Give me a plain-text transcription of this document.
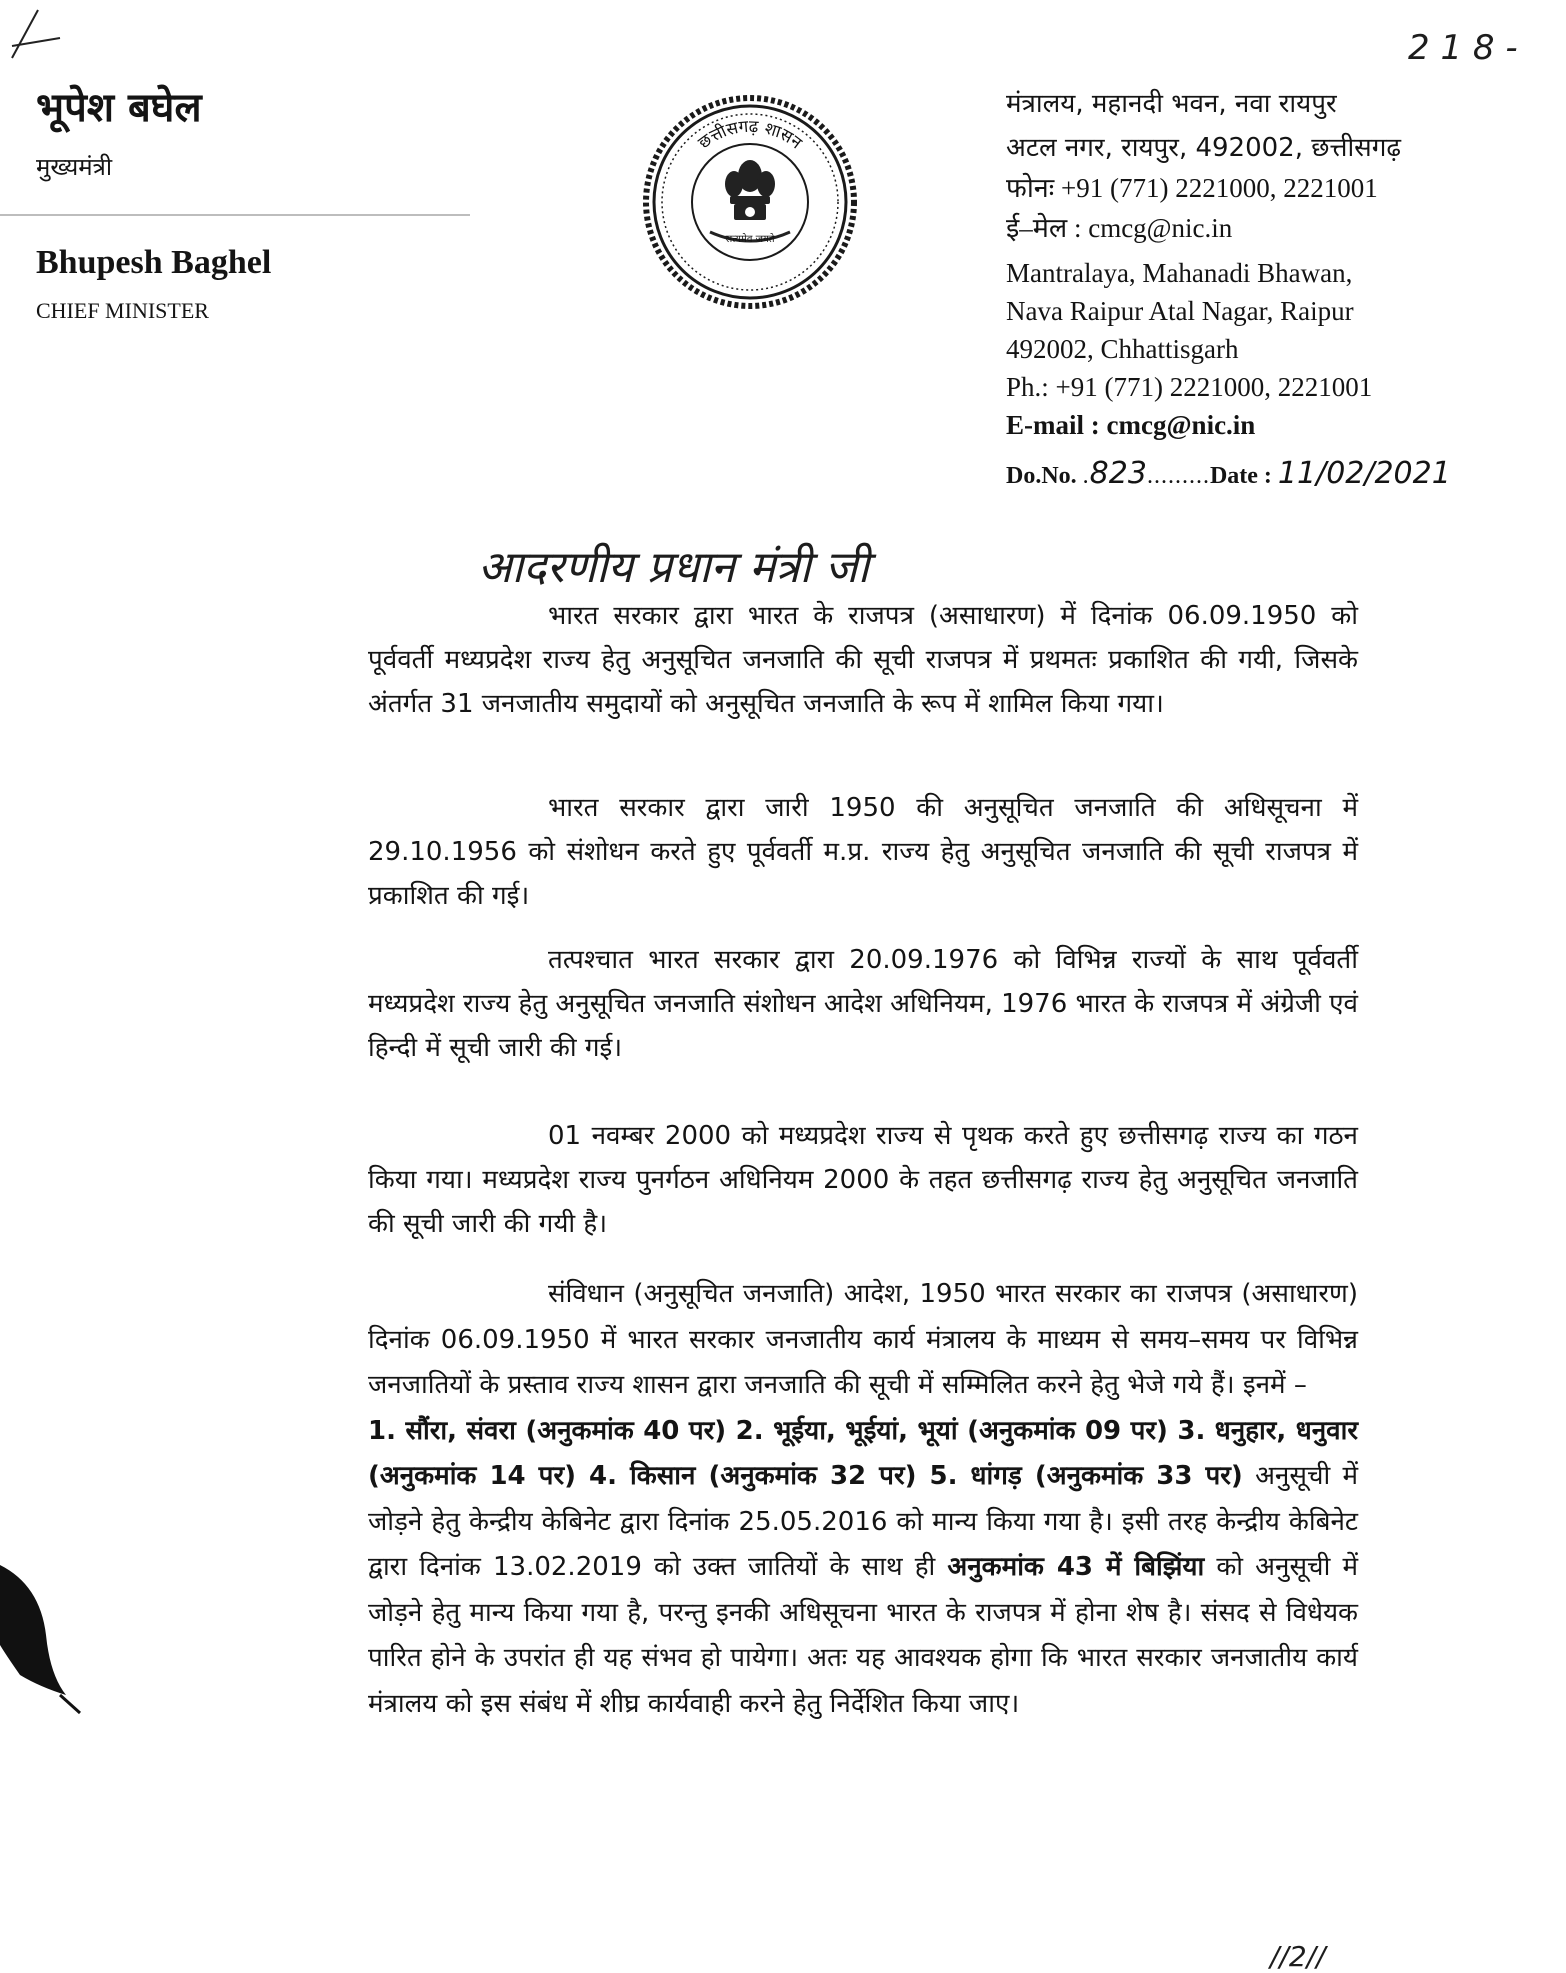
2 1 8 -
भूपेश बघेल
मुख्यमंत्री
Bhupesh Baghel
CHIEF MINISTER
छत्तीसगढ़ शासन
सत्यमेव जयते
मंत्रालय, महानदी भवन, नवा रायपुर
अटल नगर, रायपुर, 492002, छत्तीसगढ़
फोनः +91 (771) 2221000, 2221001
ई–मेल : cmcg@nic.in
Mantralaya, Mahanadi Bhawan,
Nava Raipur Atal Nagar, Raipur
492002, Chhattisgarh
Ph.: +91 (771) 2221000, 2221001
E-mail : cmcg@nic.in
Do.No. .823.........Date : 11/02/2021
आदरणीय प्रधान मंत्री जी

भारत सरकार द्वारा भारत के राजपत्र (असाधारण) में दिनांक 06.09.1950 को पूर्ववर्ती मध्यप्रदेश राज्य हेतु अनुसूचित जनजाति की सूची राजपत्र में प्रथमतः प्रकाशित की गयी, जिसके अंतर्गत 31 जनजातीय समुदायों को अनुसूचित जनजाति के रूप में शामिल किया गया।

भारत सरकार द्वारा जारी 1950 की अनुसूचित जनजाति की अधिसूचना में 29.10.1956 को संशोधन करते हुए पूर्ववर्ती म.प्र. राज्य हेतु अनुसूचित जनजाति की सूची राजपत्र में प्रकाशित की गई।

तत्पश्चात भारत सरकार द्वारा 20.09.1976 को विभिन्न राज्यों के साथ पूर्ववर्ती मध्यप्रदेश राज्य हेतु अनुसूचित जनजाति संशोधन आदेश अधिनियम, 1976 भारत के राजपत्र में अंग्रेजी एवं हिन्दी में सूची जारी की गई।

01 नवम्बर 2000 को मध्यप्रदेश राज्य से पृथक करते हुए छत्तीसगढ़ राज्य का गठन किया गया। मध्यप्रदेश राज्य पुनर्गठन अधिनियम 2000 के तहत छत्तीसगढ़ राज्य हेतु अनुसूचित जनजाति की सूची जारी की गयी है।

संविधान (अनुसूचित जनजाति) आदेश, 1950 भारत सरकार का राजपत्र (असाधारण) दिनांक 06.09.1950 में भारत सरकार जनजातीय कार्य मंत्रालय के माध्यम से समय–समय पर विभिन्न जनजातियों के प्रस्ताव राज्य शासन द्वारा जनजाति की सूची में सम्मिलित करने हेतु भेजे गये हैं। इनमें –
1. सौंरा, संवरा (अनुकमांक 40 पर) 2. भूईया, भूईयां, भूयां (अनुकमांक 09 पर) 3. धनुहार, धनुवार (अनुकमांक 14 पर) 4. किसान (अनुकमांक 32 पर) 5. धांगड़ (अनुकमांक 33 पर) अनुसूची में जोड़ने हेतु केन्द्रीय केबिनेट द्वारा दिनांक 25.05.2016 को मान्य किया गया है। इसी तरह केन्द्रीय केबिनेट द्वारा दिनांक 13.02.2019 को उक्त जातियों के साथ ही अनुकमांक 43 में बिझिंया को अनुसूची में जोड़ने हेतु मान्य किया गया है, परन्तु इनकी अधिसूचना भारत के राजपत्र में होना शेष है। संसद से विधेयक पारित होने के उपरांत ही यह संभव हो पायेगा। अतः यह आवश्यक होगा कि भारत सरकार जनजातीय कार्य मंत्रालय को इस संबंध में शीघ्र कार्यवाही करने हेतु निर्देशित किया जाए।

//2//
